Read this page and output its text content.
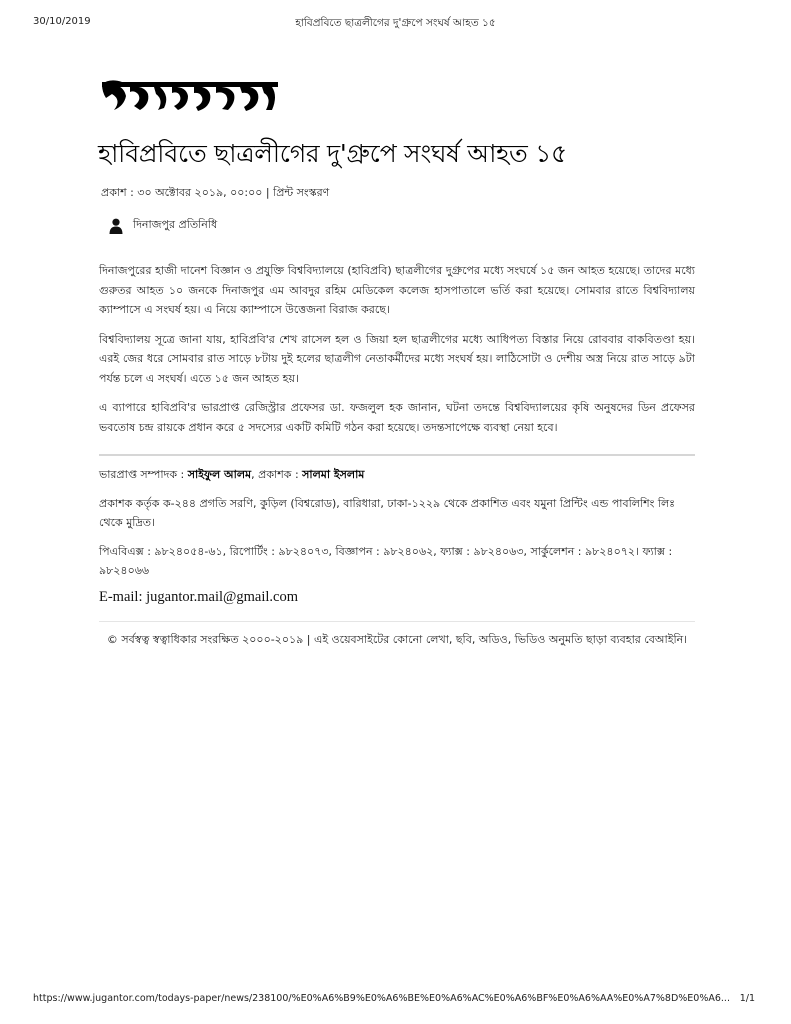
30/10/2019	হাবিপ্রবিতে ছাত্রলীগের দু'গ্রুপে সংঘর্ষ আহত ১৫
হাবিপ্রবিতে ছাত্রলীগের দু'গ্রুপে সংঘর্ষ আহত ১৫
প্রকাশ : ৩০ অক্টোবর ২০১৯, ০০:০০ | প্রিন্ট সংস্করণ
দিনাজপুর প্রতিনিধি

দিনাজপুরের হাজী দানেশ বিজ্ঞান ও প্রযুক্তি বিশ্ববিদ্যালয়ে (হাবিপ্রবি) ছাত্রলীগের দুগ্রুপের মধ্যে সংঘর্ষে ১৫ জন আহত হয়েছে। তাদের মধ্যে গুরুতর আহত ১০ জনকে দিনাজপুর এম আবদুর রহিম মেডিকেল কলেজ হাসপাতালে ভর্তি করা হয়েছে। সোমবার রাতে বিশ্ববিদ্যালয় ক্যাম্পাসে এ সংঘর্ষ হয়। এ নিয়ে ক্যাম্পাসে উত্তেজনা বিরাজ করছে।

বিশ্ববিদ্যালয় সূত্রে জানা যায়, হাবিপ্রবি'র শেখ রাসেল হল ও জিয়া হল ছাত্রলীগের মধ্যে আধিপত্য বিস্তার নিয়ে রোববার বাকবিতণ্ডা হয়। এরই জের ধরে সোমবার রাত সাড়ে ৮টায় দুই হলের ছাত্রলীগ নেতাকর্মীদের মধ্যে সংঘর্ষ হয়। লাঠিসোটা ও দেশীয় অস্ত্র নিয়ে রাত সাড়ে ৯টা পর্যন্ত চলে এ সংঘর্ষ। এতে ১৫ জন আহত হয়।

এ ব্যাপারে হাবিপ্রবি'র ভারপ্রাপ্ত রেজিস্ট্রার প্রফেসর ডা. ফজলুল হক জানান, ঘটনা তদন্তে বিশ্ববিদ্যালয়ের কৃষি অনুষদের ডিন প্রফেসর ভবতোষ চন্দ্র রায়কে প্রধান করে ৫ সদস্যের একটি কমিটি গঠন করা হয়েছে। তদন্তসাপেক্ষে ব্যবস্থা নেয়া হবে।

ভারপ্রাপ্ত সম্পাদক : সাইফুল আলম, প্রকাশক : সালমা ইসলাম
প্রকাশক কর্তৃক ক-২৪৪ প্রগতি সরণি, কুড়িল (বিশ্বরোড), বারিধারা, ঢাকা-১২২৯ থেকে প্রকাশিত এবং যমুনা প্রিন্টিং এন্ড পাবলিশিং লিঃ থেকে মুদ্রিত।
পিএবিএক্স : ৯৮২৪০৫৪-৬১, রিপোর্টিং : ৯৮২৪০৭৩, বিজ্ঞাপন : ৯৮২৪০৬২, ফ্যাক্স : ৯৮২৪০৬৩, সার্কুলেশন : ৯৮২৪০৭২। ফ্যাক্স : ৯৮২৪০৬৬
E-mail: jugantor.mail@gmail.com
© সর্বস্বত্ব স্বত্বাধিকার সংরক্ষিত ২০০০-২০১৯ | এই ওয়েবসাইটের কোনো লেখা, ছবি, অডিও, ভিডিও অনুমতি ছাড়া ব্যবহার বেআইনি।
https://www.jugantor.com/todays-paper/news/238100/%E0%A6%B9%E0%A6%BE%E0%A6%AC%E0%A6%BF%E0%A6%AA%E0%A7%8D%E0%A6...	1/1
